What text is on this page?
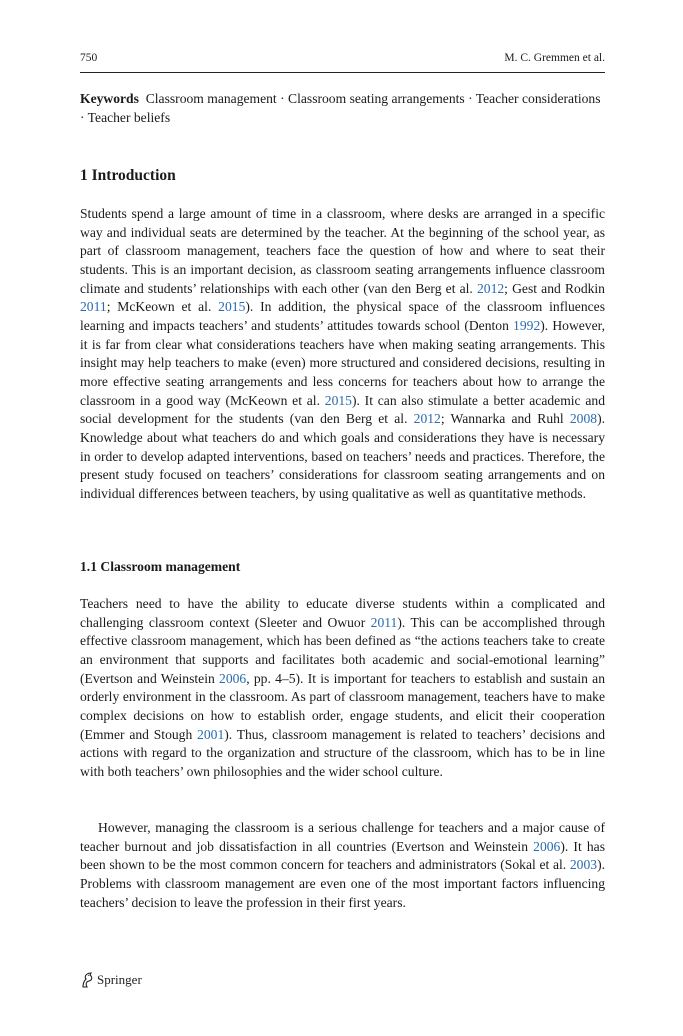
750	M. C. Gremmen et al.
Keywords Classroom management · Classroom seating arrangements · Teacher considerations · Teacher beliefs
1 Introduction
Students spend a large amount of time in a classroom, where desks are arranged in a specific way and individual seats are determined by the teacher. At the beginning of the school year, as part of classroom management, teachers face the question of how and where to seat their students. This is an important decision, as classroom seating arrangements influence classroom climate and students’ relationships with each other (van den Berg et al. 2012; Gest and Rodkin 2011; McKeown et al. 2015). In addition, the physical space of the classroom influences learning and impacts teachers’ and students’ attitudes towards school (Denton 1992). However, it is far from clear what considerations teachers have when making seating arrangements. This insight may help teachers to make (even) more structured and considered decisions, resulting in more effective seating arrangements and less concerns for teachers about how to arrange the classroom in a good way (McKeown et al. 2015). It can also stimulate a better academic and social development for the students (van den Berg et al. 2012; Wannarka and Ruhl 2008). Knowledge about what teachers do and which goals and considerations they have is necessary in order to develop adapted interventions, based on teachers’ needs and practices. Therefore, the present study focused on teachers’ considerations for classroom seating arrangements and on individual differences between teachers, by using qualitative as well as quantitative methods.
1.1 Classroom management
Teachers need to have the ability to educate diverse students within a complicated and challenging classroom context (Sleeter and Owuor 2011). This can be accomplished through effective classroom management, which has been defined as “the actions teachers take to create an environment that supports and facilitates both academic and social-emotional learning” (Evertson and Weinstein 2006, pp. 4–5). It is important for teachers to establish and sustain an orderly environment in the classroom. As part of classroom management, teachers have to make complex decisions on how to establish order, engage students, and elicit their cooperation (Emmer and Stough 2001). Thus, classroom management is related to teachers’ decisions and actions with regard to the organization and structure of the classroom, which has to be in line with both teachers’ own philosophies and the wider school culture.
However, managing the classroom is a serious challenge for teachers and a major cause of teacher burnout and job dissatisfaction in all countries (Evertson and Weinstein 2006). It has been shown to be the most common concern for teachers and administrators (Sokal et al. 2003). Problems with classroom management are even one of the most important factors influencing teachers’ decision to leave the profession in their first years.
Springer
